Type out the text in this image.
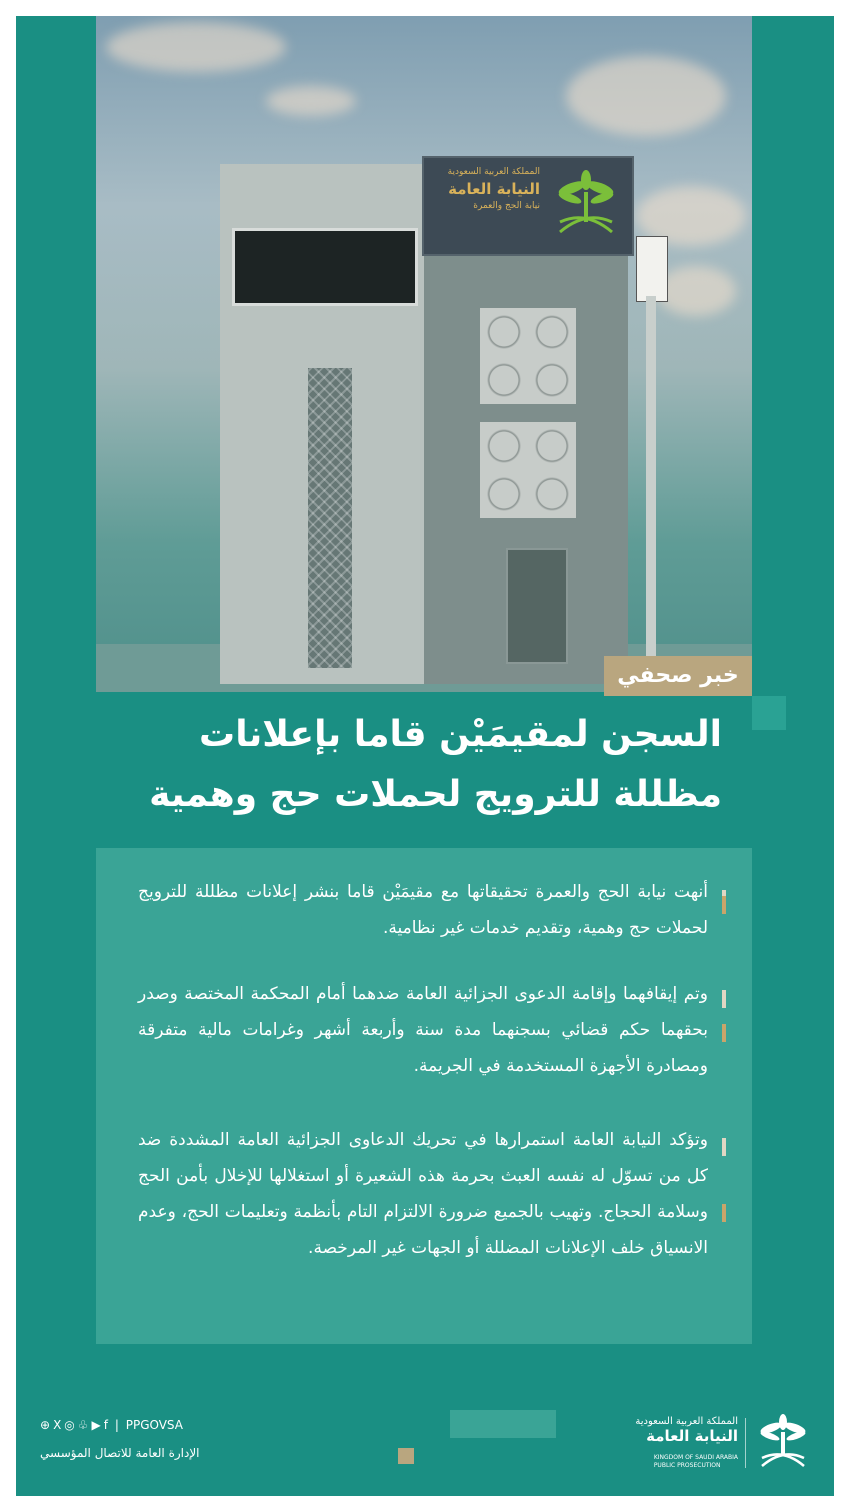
المملكة العربية السعودية
النيابة العامة
نيابة الحج والعمرة
خبر صحفي
السجن لمقيمَيْن قاما بإعلانات
مظللة للترويج لحملات حج وهمية
أنهت نيابة الحج والعمرة تحقيقاتها مع مقيمَيْن قاما بنشر إعلانات مظللة للترويج لحملات حج وهمية، وتقديم خدمات غير نظامية.
وتم إيقافهما وإقامة الدعوى الجزائية العامة ضدهما أمام المحكمة المختصة وصدر بحقهما حكم قضائي بسجنهما مدة سنة وأربعة أشهر وغرامات مالية متفرقة ومصادرة الأجهزة المستخدمة في الجريمة.
وتؤكد النيابة العامة استمرارها في تحريك الدعاوى الجزائية العامة المشددة ضد كل من تسوّل له نفسه العبث بحرمة هذه الشعيرة أو استغلالها للإخلال بأمن الحج وسلامة الحجاج. وتهيب بالجميع ضرورة الالتزام التام بأنظمة وتعليمات الحج، وعدم الانسياق خلف الإعلانات المضللة أو الجهات غير المرخصة.
⊕ X ◎ ♧ ▶ f | PPGOVSA
الإدارة العامة للاتصال المؤسسي
المملكة العربية السعودية
النيابة العامة
KINGDOM OF SAUDI ARABIA
PUBLIC PROSECUTION
